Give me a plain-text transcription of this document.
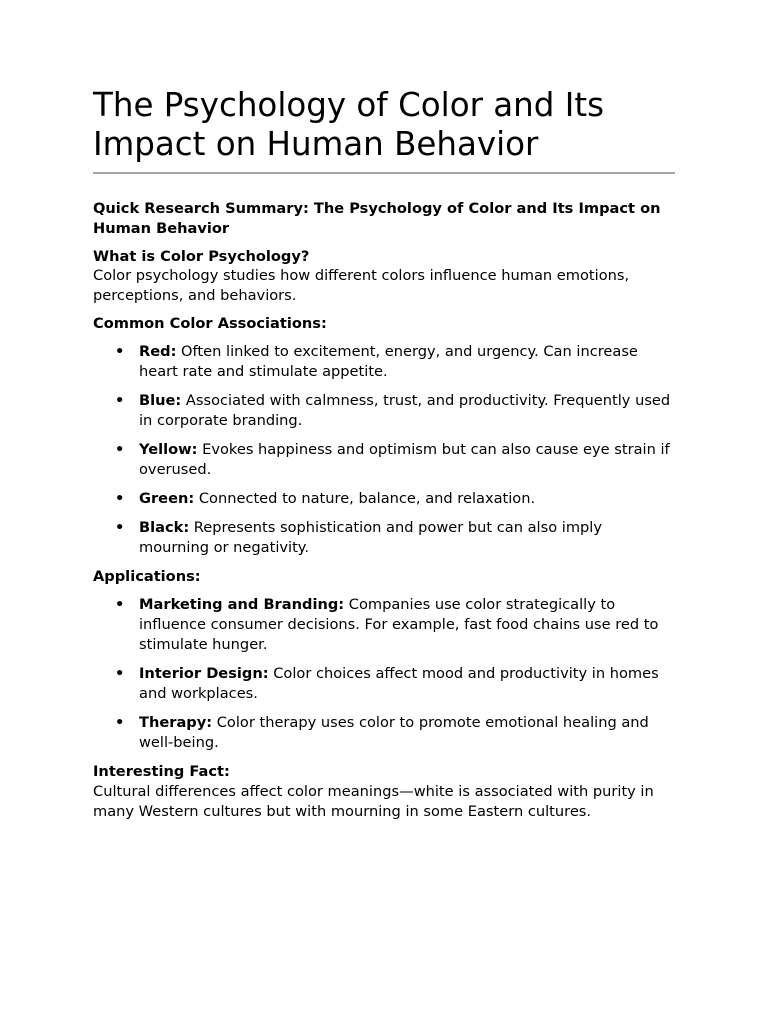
The Psychology of Color and Its Impact on Human Behavior

Quick Research Summary: The Psychology of Color and Its Impact on Human Behavior

What is Color Psychology?

Color psychology studies how different colors influence human emotions, perceptions, and behaviors.

Common Color Associations:

• Red: Often linked to excitement, energy, and urgency. Can increase heart rate and stimulate appetite.
• Blue: Associated with calmness, trust, and productivity. Frequently used in corporate branding.
• Yellow: Evokes happiness and optimism but can also cause eye strain if overused.
• Green: Connected to nature, balance, and relaxation.
• Black: Represents sophistication and power but can also imply mourning or negativity.

Applications:

• Marketing and Branding: Companies use color strategically to influence consumer decisions. For example, fast food chains use red to stimulate hunger.
• Interior Design: Color choices affect mood and productivity in homes and workplaces.
• Therapy: Color therapy uses color to promote emotional healing and well-being.

Interesting Fact:

Cultural differences affect color meanings—white is associated with purity in many Western cultures but with mourning in some Eastern cultures.
